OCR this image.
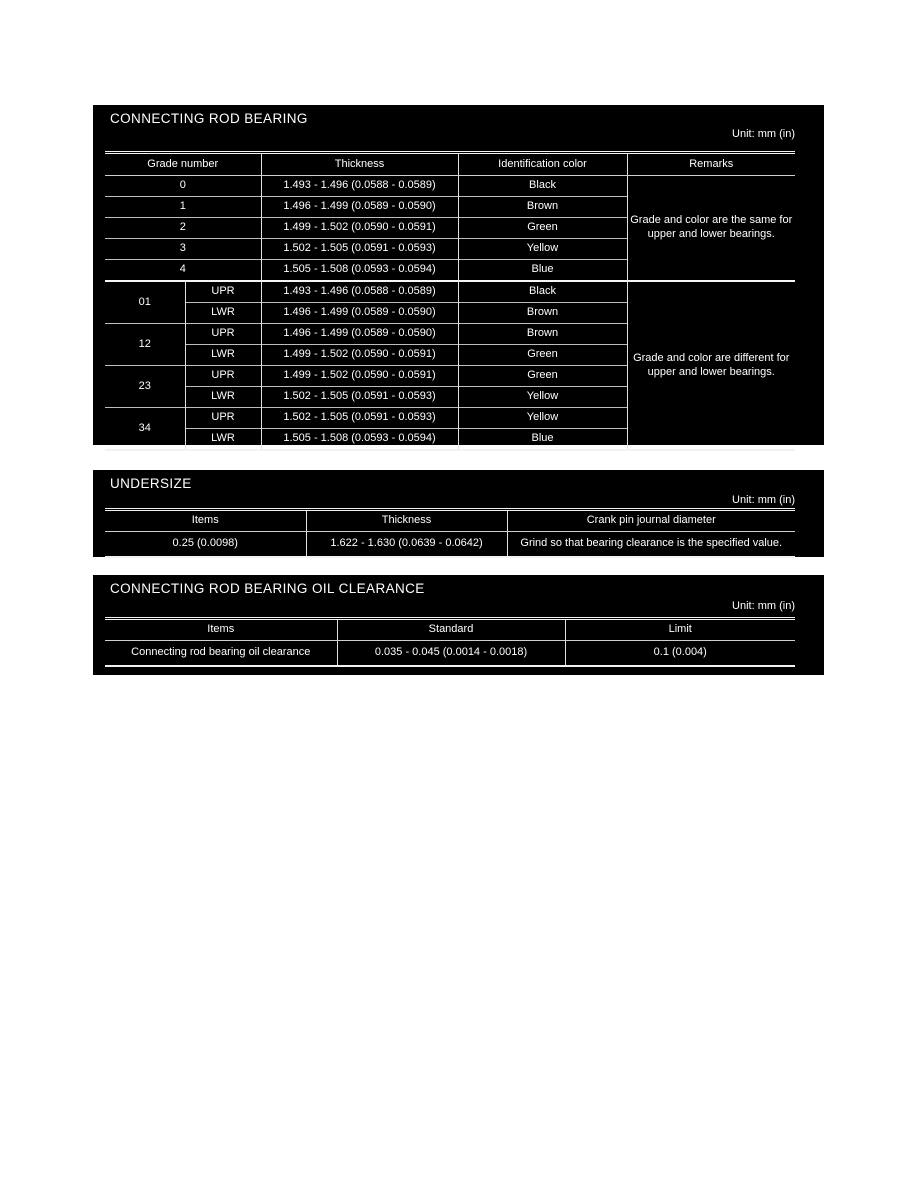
CONNECTING ROD BEARING
Unit: mm (in)
Grade number		Thickness	Identification color	Remarks
0		1.493 - 1.496 (0.0588 - 0.0589)	Black	Grade and color are the same for upper and lower bearings.
1		1.496 - 1.499 (0.0589 - 0.0590)	Brown	
2		1.499 - 1.502 (0.0590 - 0.0591)	Green	
3		1.502 - 1.505 (0.0591 - 0.0593)	Yellow	
4		1.505 - 1.508 (0.0593 - 0.0594)	Blue	
01	UPR	1.493 - 1.496 (0.0588 - 0.0589)	Black	Grade and color are different for upper and lower bearings.
	LWR	1.496 - 1.499 (0.0589 - 0.0590)	Brown	
12	UPR	1.496 - 1.499 (0.0589 - 0.0590)	Brown	
	LWR	1.499 - 1.502 (0.0590 - 0.0591)	Green	
23	UPR	1.499 - 1.502 (0.0590 - 0.0591)	Green	
	LWR	1.502 - 1.505 (0.0591 - 0.0593)	Yellow	
34	UPR	1.502 - 1.505 (0.0591 - 0.0593)	Yellow	
	LWR	1.505 - 1.508 (0.0593 - 0.0594)	Blue	
UNDERSIZE
Unit: mm (in)
Items	Thickness	Crank pin journal diameter
0.25 (0.0098)	1.622 - 1.630 (0.0639 - 0.0642)	Grind so that bearing clearance is the specified value.
CONNECTING ROD BEARING OIL CLEARANCE
Unit: mm (in)
Items	Standard	Limit
Connecting rod bearing oil clearance	0.035 - 0.045 (0.0014 - 0.0018)	0.1 (0.004)
